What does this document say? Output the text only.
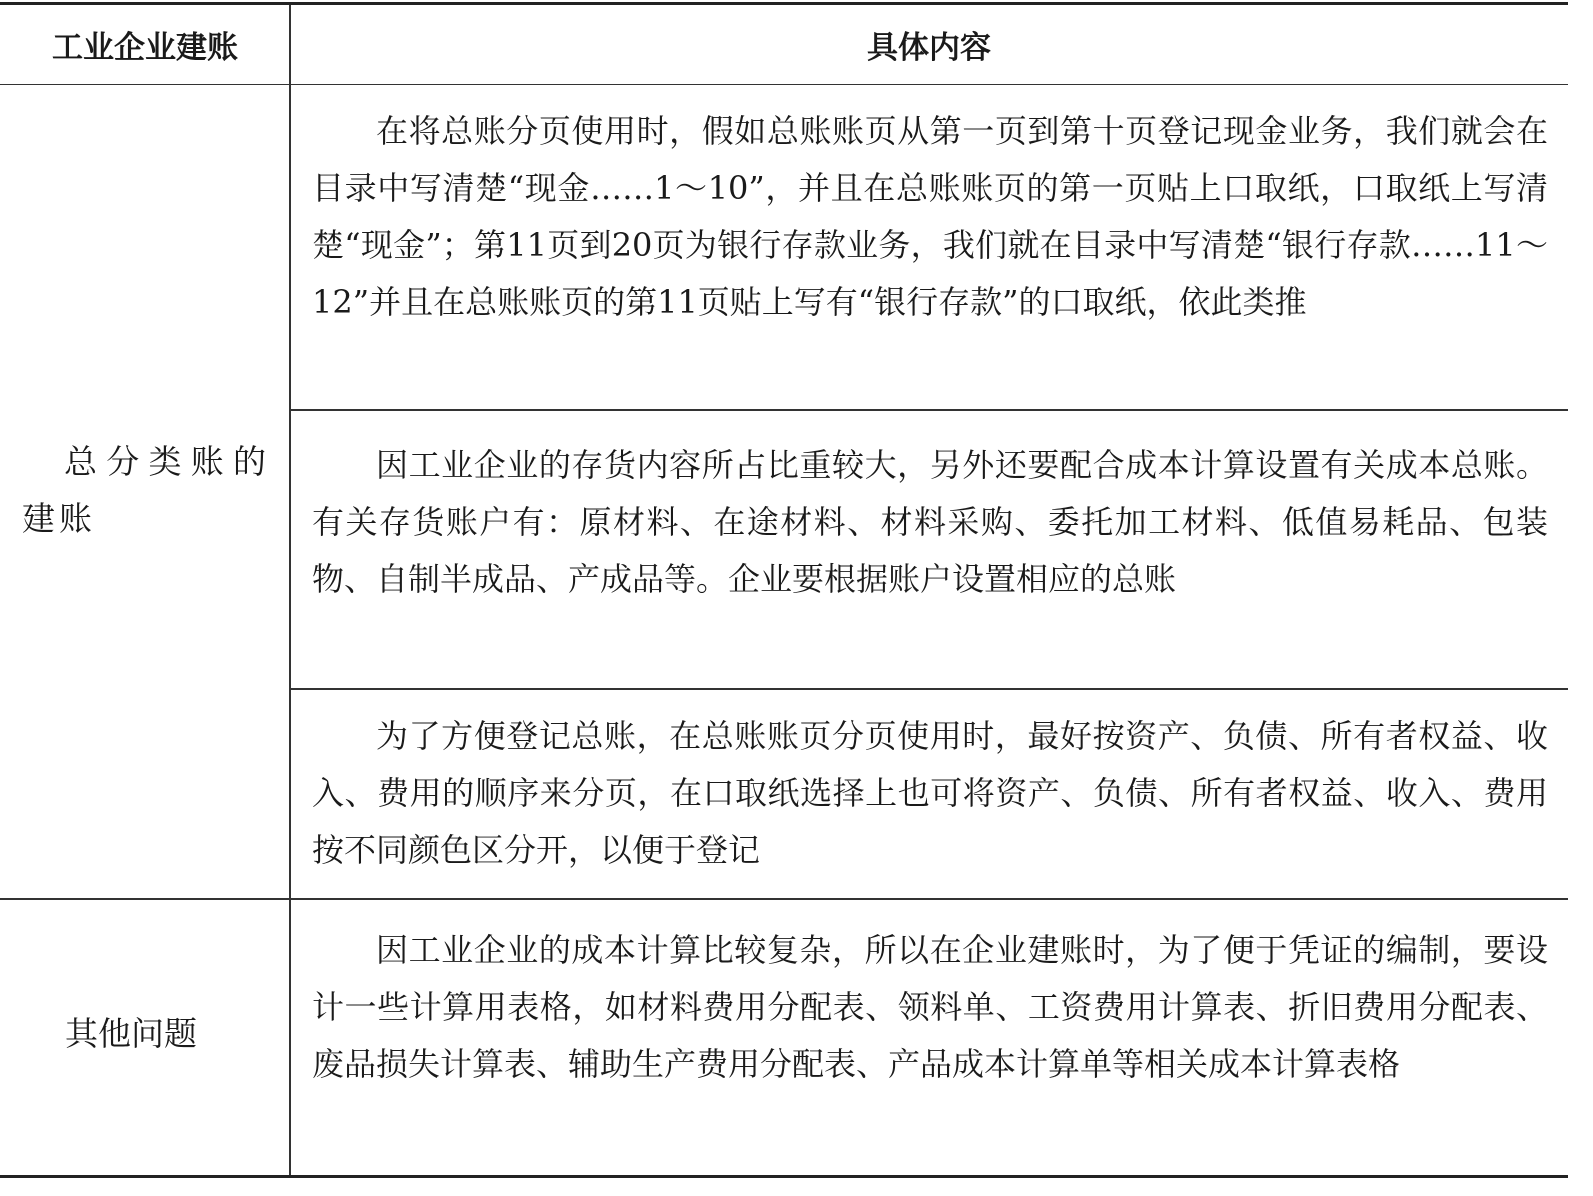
工业企业建账	具体内容
总分类账的建账

在将总账分页使用时，假如总账账页从第一页到第十页登记现金业务，我们就会在目录中写清楚“现金……1～10”，并且在总账账页的第一页贴上口取纸，口取纸上写清楚“现金”；第11页到20页为银行存款业务，我们就在目录中写清楚“银行存款……11～12”并且在总账账页的第11页贴上写有“银行存款”的口取纸，依此类推

因工业企业的存货内容所占比重较大，另外还要配合成本计算设置有关成本总账。有关存货账户有：原材料、在途材料、材料采购、委托加工材料、低值易耗品、包装物、自制半成品、产成品等。企业要根据账户设置相应的总账

为了方便登记总账，在总账账页分页使用时，最好按资产、负债、所有者权益、收入、费用的顺序来分页，在口取纸选择上也可将资产、负债、所有者权益、收入、费用按不同颜色区分开，以便于登记

其他问题

因工业企业的成本计算比较复杂，所以在企业建账时，为了便于凭证的编制，要设计一些计算用表格，如材料费用分配表、领料单、工资费用计算表、折旧费用分配表、废品损失计算表、辅助生产费用分配表、产品成本计算单等相关成本计算表格
